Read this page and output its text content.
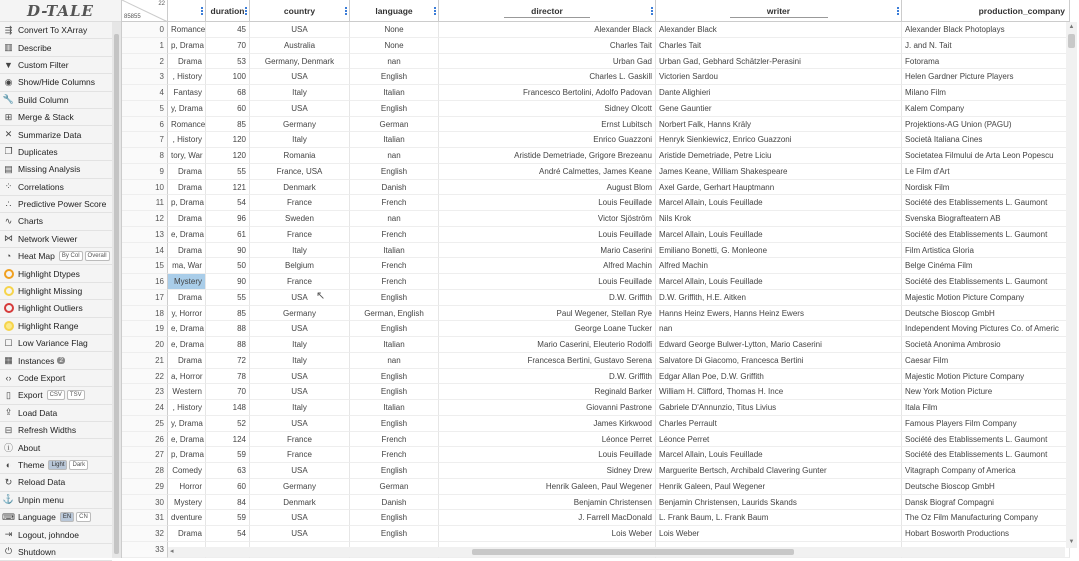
D-TALE
⇶ Convert To XArray
▥ Describe
▼ Custom Filter
◉ Show/Hide Columns
🔧 Build Column
⊞ Merge & Stack
✕ Summarize Data
❐ Duplicates
▤ Missing Analysis
⁘ Correlations
∴ Predictive Power Score
∿ Charts
⋈ Network Viewer
◔ Heat Map	By Col	Overall
Highlight Dtypes
Highlight Missing
Highlight Outliers
Highlight Range
☐ Low Variance Flag
▦ Instances 2
‹› Code Export
▯ Export	CSV	TSV
⇪ Load Data
⊟ Refresh Widths
ⓘ About
◐ Theme	Light	Dark
↻ Reload Data
⚓ Unpin menu
⌨ Language	EN	CN
⇥ Logout, johndoe
⏻ Shutdown
22
85855
duration	country	language	director	writer	production_company
0 Romance	45	USA	None	Alexander Black Alexander Black	Alexander Black Photoplays
1 p, Drama	70	Australia	None	Charles Tait Charles Tait	J. and N. Tait
2	Drama	53	Germany, Denmark	nan	Urban Gad Urban Gad, Gebhard Schätzler-Perasini	Fotorama
3	, History	100	USA	English	Charles L. Gaskill Victorien Sardou	Helen Gardner Picture Players
4	Fantasy	68	Italy	Italian	Francesco Bertolini, Adolfo Padovan Dante Alighieri	Milano Film
5 y, Drama	60	USA	English	Sidney Olcott Gene Gauntier	Kalem Company
6 Romance	85	Germany	German	Ernst Lubitsch Norbert Falk, Hanns Kräly	Projektions-AG Union (PAGU)
7	, History	120	Italy	Italian	Enrico Guazzoni Henryk Sienkiewicz, Enrico Guazzoni	Società Italiana Cines
8 tory, War	120	Romania	nan	Aristide Demetriade, Grigore Brezeanu Aristide Demetriade, Petre Liciu	Societatea Filmului de Arta Leon Popescu
9	Drama	55	France, USA	English	André Calmettes, James Keane James Keane, William Shakespeare	Le Film d'Art
10	Drama	121	Denmark	Danish	August Blom Axel Garde, Gerhart Hauptmann	Nordisk Film
11 p, Drama	54	France	French	Louis Feuillade Marcel Allain, Louis Feuillade	Société des Etablissements L. Gaumont
12	Drama	96	Sweden	nan	Victor Sjöström Nils Krok	Svenska Biografteatern AB
13 e, Drama	61	France	French	Louis Feuillade Marcel Allain, Louis Feuillade	Société des Etablissements L. Gaumont
14	Drama	90	Italy	Italian	Mario Caserini Emiliano Bonetti, G. Monleone	Film Artistica Gloria
15	ma, War	50	Belgium	French	Alfred Machin Alfred Machin	Belge Cinéma Film
16	Mystery	90	France	French	Louis Feuillade Marcel Allain, Louis Feuillade	Société des Etablissements L. Gaumont
17	Drama	55	USA	English	D.W. Griffith D.W. Griffith, H.E. Aitken	Majestic Motion Picture Company
18 y, Horror	85	Germany	German, English	Paul Wegener, Stellan Rye Hanns Heinz Ewers, Hanns Heinz Ewers	Deutsche Bioscop GmbH
19 e, Drama	88	USA	English	George Loane Tucker nan	Independent Moving Pictures Co. of Americ
20 e, Drama	88	Italy	Italian	Mario Caserini, Eleuterio Rodolfi Edward George Bulwer-Lytton, Mario Caserini	Società Anonima Ambrosio
21	Drama	72	Italy	nan	Francesca Bertini, Gustavo Serena Salvatore Di Giacomo, Francesca Bertini	Caesar Film
22 a, Horror	78	USA	English	D.W. Griffith Edgar Allan Poe, D.W. Griffith	Majestic Motion Picture Company
23	Western	70	USA	English	Reginald Barker William H. Clifford, Thomas H. Ince	New York Motion Picture
24	, History	148	Italy	Italian	Giovanni Pastrone Gabriele D'Annunzio, Titus Livius	Itala Film
25 y, Drama	52	USA	English	James Kirkwood Charles Perrault	Famous Players Film Company
26 e, Drama	124	France	French	Léonce Perret Léonce Perret	Société des Etablissements L. Gaumont
27 p, Drama	59	France	French	Louis Feuillade Marcel Allain, Louis Feuillade	Société des Etablissements L. Gaumont
28	Comedy	63	USA	English	Sidney Drew Marguerite Bertsch, Archibald Clavering Gunter	Vitagraph Company of America
29	Horror	60	Germany	German	Henrik Galeen, Paul Wegener Henrik Galeen, Paul Wegener	Deutsche Bioscop GmbH
30	Mystery	84	Denmark	Danish	Benjamin Christensen Benjamin Christensen, Laurids Skands	Dansk Biograf Compagni
31 dventure	59	USA	English	J. Farrell MacDonald L. Frank Baum, L. Frank Baum	The Oz Film Manufacturing Company
32	Drama	54	USA	English	Lois Weber Lois Weber	Hobart Bosworth Productions
33
▲
▼
◂
↖
